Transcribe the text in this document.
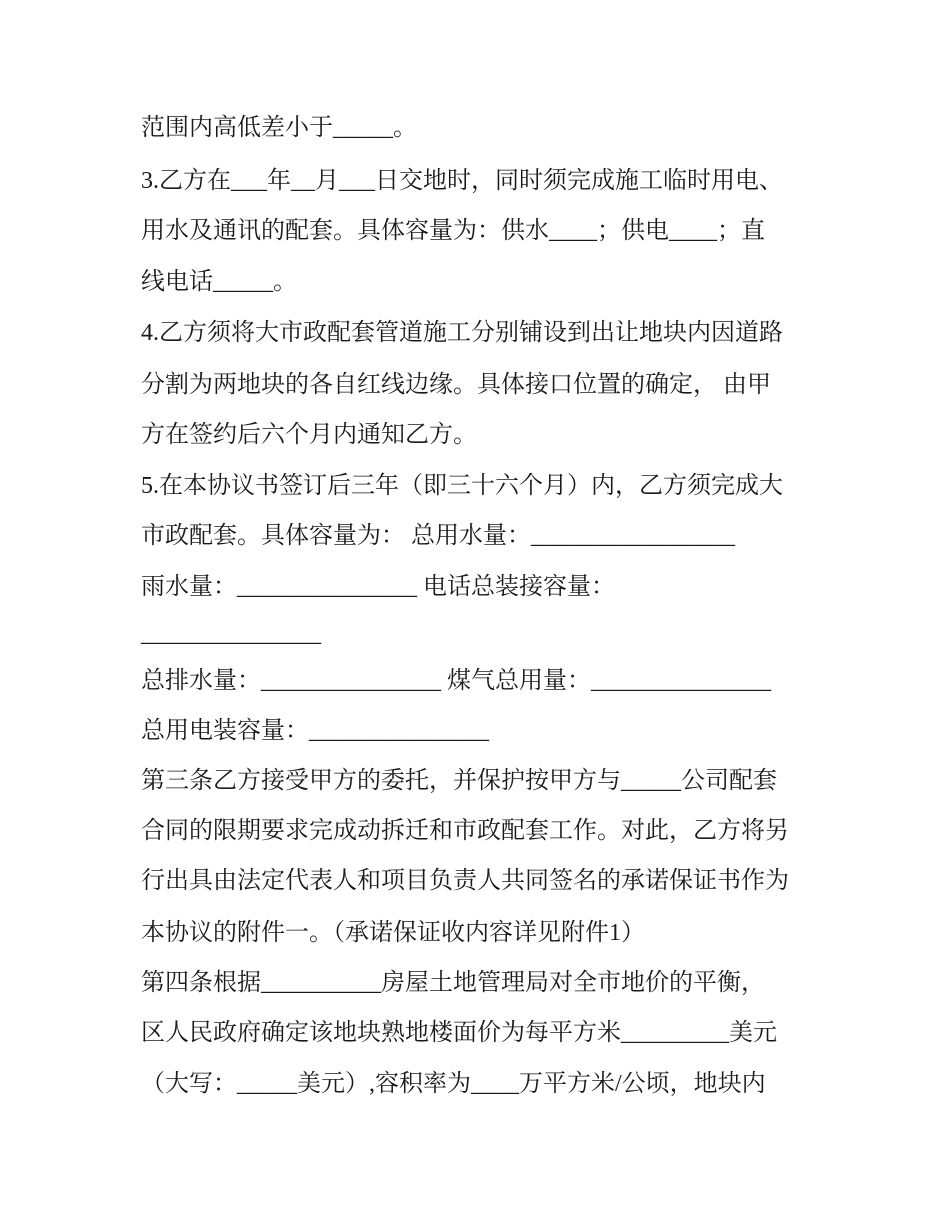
范围内高低差小于_____。
3.乙方在___年__月___日交地时，同时须完成施工临时用电、
用水及通讯的配套。具体容量为：供水____；供电____；直
线电话_____。
4.乙方须将大市政配套管道施工分别铺设到出让地块内因道路
分割为两地块的各自红线边缘。具体接口位置的确定， 由甲
方在签约后六个月内通知乙方。
5.在本协议书签订后三年（即三十六个月）内，乙方须完成大
市政配套。具体容量为： 总用水量：_________________
雨水量：_______________ 电话总装接容量：
_______________
总排水量：_______________ 煤气总用量：_______________
总用电装容量：_______________
第三条乙方接受甲方的委托，并保护按甲方与_____公司配套
合同的限期要求完成动拆迁和市政配套工作。对此，乙方将另
行出具由法定代表人和项目负责人共同签名的承诺保证书作为
本协议的附件一。（承诺保证收内容详见附件1）
第四条根据__________房屋土地管理局对全市地价的平衡，
区人民政府确定该地块熟地楼面价为每平方米_________美元
（大写：_____美元）,容积率为____万平方米/公顷，地块内
